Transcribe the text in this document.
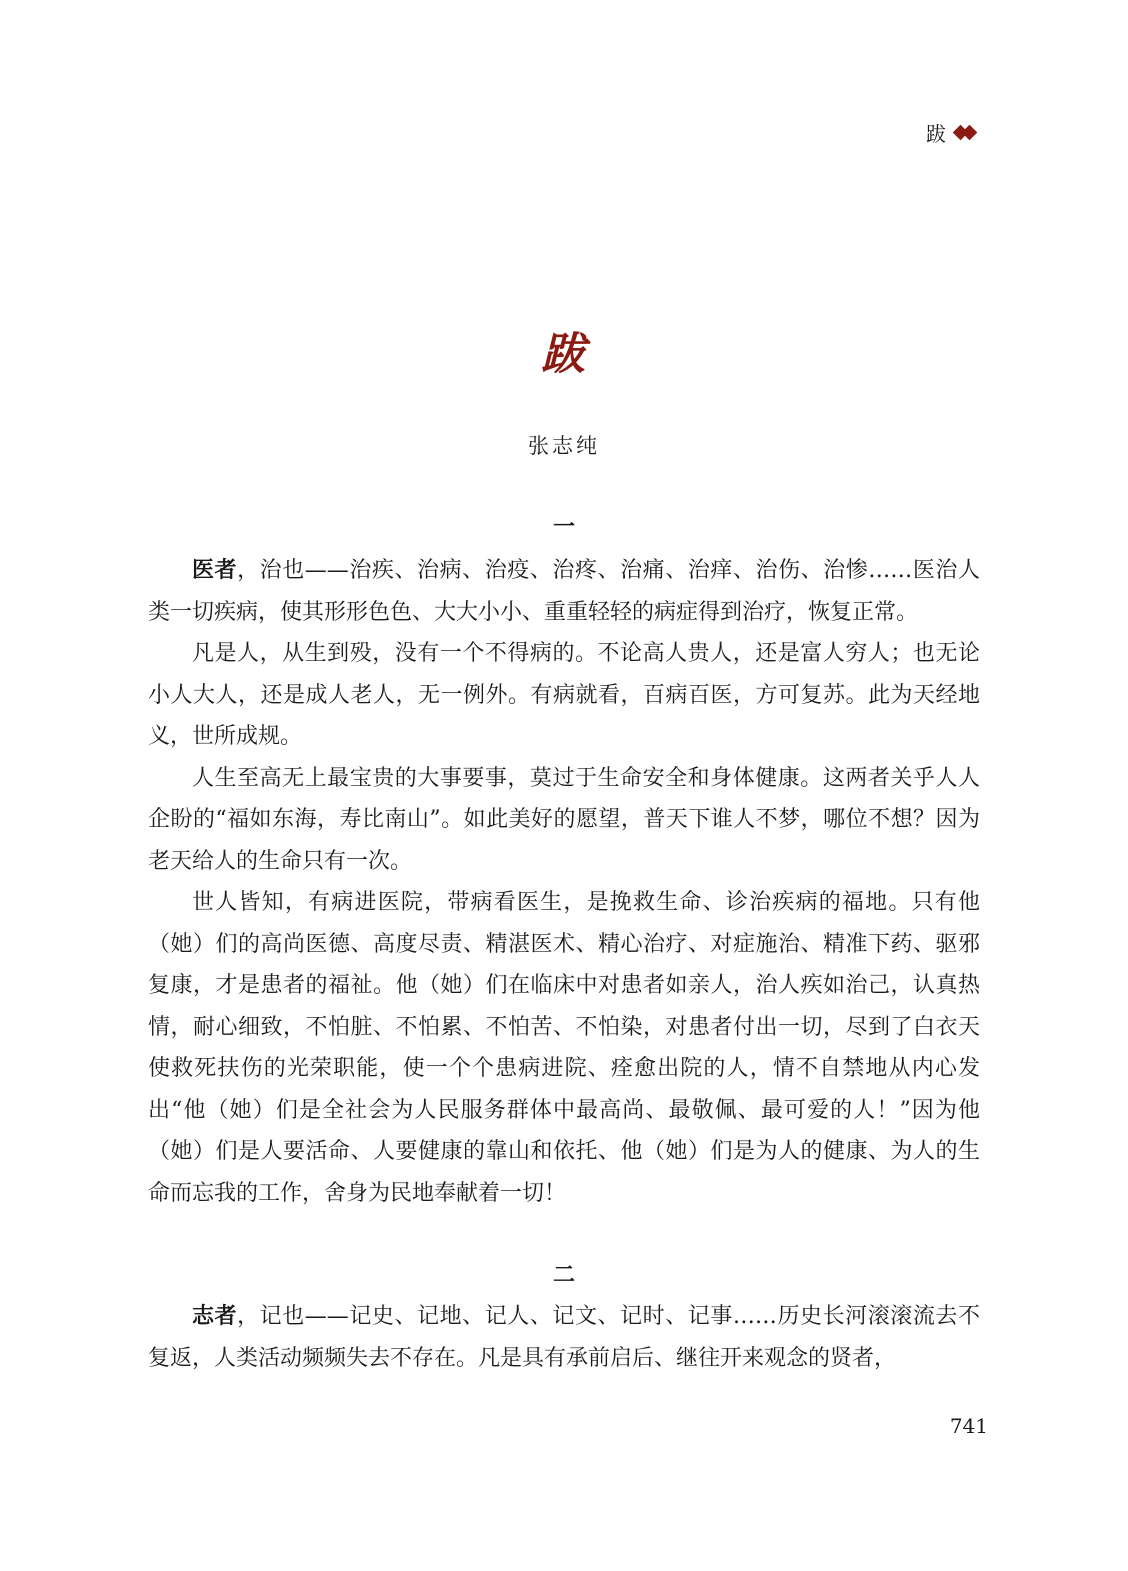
跋
跋
张志纯
一

医者，治也——治疾、治病、治疫、治疼、治痛、治痒、治伤、治惨……医治人类一切疾病，使其形形色色、大大小小、重重轻轻的病症得到治疗，恢复正常。

凡是人，从生到殁，没有一个不得病的。不论高人贵人，还是富人穷人；也无论小人大人，还是成人老人，无一例外。有病就看，百病百医，方可复苏。此为天经地义，世所成规。

人生至高无上最宝贵的大事要事，莫过于生命安全和身体健康。这两者关乎人人企盼的“福如东海，寿比南山”。如此美好的愿望，普天下谁人不梦，哪位不想？因为老天给人的生命只有一次。

世人皆知，有病进医院，带病看医生，是挽救生命、诊治疾病的福地。只有他（她）们的高尚医德、高度尽责、精湛医术、精心治疗、对症施治、精准下药、驱邪复康，才是患者的福祉。他（她）们在临床中对患者如亲人，治人疾如治己，认真热情，耐心细致，不怕脏、不怕累、不怕苦、不怕染，对患者付出一切，尽到了白衣天使救死扶伤的光荣职能，使一个个患病进院、痊愈出院的人，情不自禁地从内心发出“他（她）们是全社会为人民服务群体中最高尚、最敬佩、最可爱的人！”因为他（她）们是人要活命、人要健康的靠山和依托、他（她）们是为人的健康、为人的生命而忘我的工作，舍身为民地奉献着一切！

二

志者，记也——记史、记地、记人、记文、记时、记事……历史长河滚滚流去不复返，人类活动频频失去不存在。凡是具有承前启后、继往开来观念的贤者，

741
